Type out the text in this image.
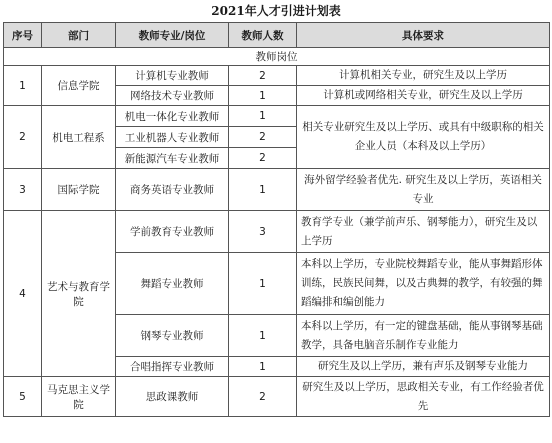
2021年人才引进计划表
序号	部门	教师专业/岗位	教师人数	具体要求
教师岗位				
1	信息学院	计算机专业教师	2	计算机相关专业，研究生及以上学历
		网络技术专业教师	1	计算机或网络相关专业，研究生及以上学历
2	机电工程系	机电一体化专业教师	1	相关专业研究生及以上学历、或具有中级职称的相关企业人员（本科及以上学历）
		工业机器人专业教师	2	
		新能源汽车专业教师	2	
3	国际学院	商务英语专业教师	1	海外留学经验者优先. 研究生及以上学历，英语相关专业
4	艺术与教育学院	学前教育专业教师	3	教育学专业（兼学前声乐、钢琴能力），研究生及以上学历
		舞蹈专业教师	1	本科以上学历，专业院校舞蹈专业，能从事舞蹈形体训练，民族民间舞，以及古典舞的教学，有较强的舞蹈编排和编创能力
		钢琴专业教师	1	本科以上学历，有一定的键盘基础，能从事钢琴基础教学，具备电脑音乐制作专业能力
		合唱指挥专业教师	1	研究生及以上学历，兼有声乐及钢琴专业能力
5	马克思主义学院	思政课教师	2	研究生及以上学历，思政相关专业，有工作经验者优先
